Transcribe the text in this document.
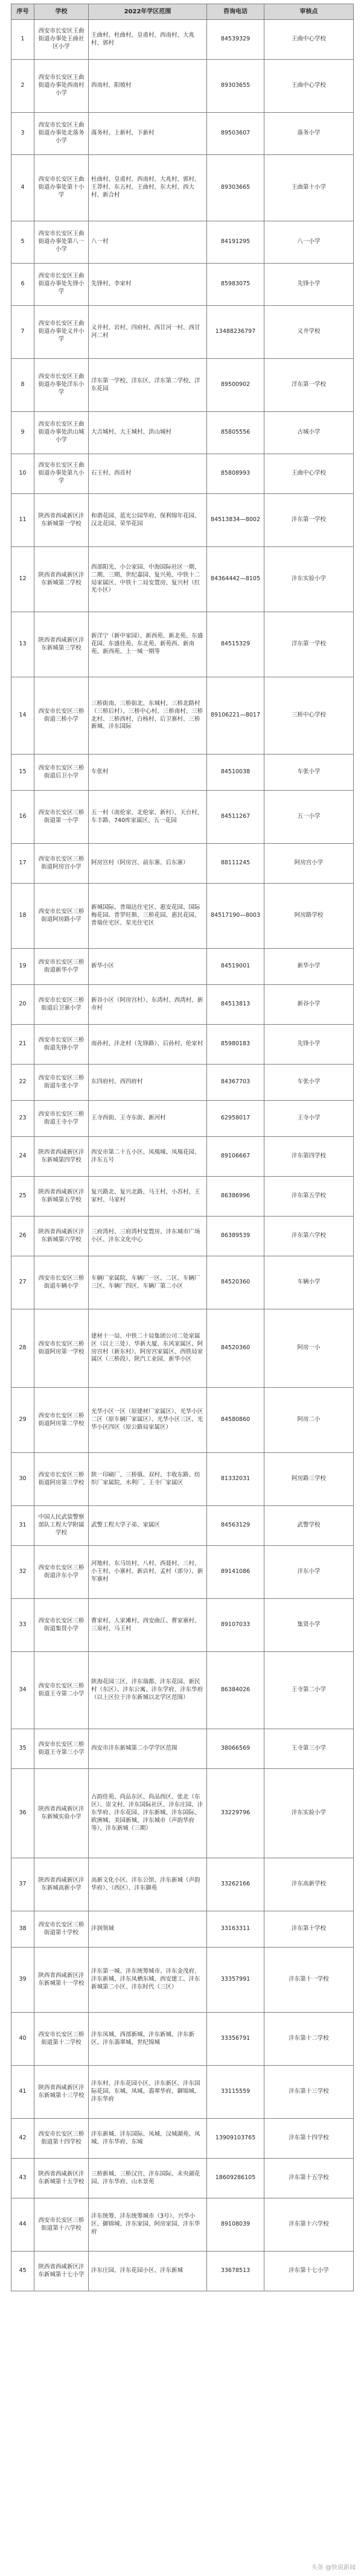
序号	学校	2022年学区范围	咨询电话	审核点
1	西安市长安区王曲街道办事处王曲社区小学	王曲村、杜曲村、皇甫村、西南村、大兆村、郭村	84539329	王曲中心学校
2	西安市长安区王曲街道办事处西南村小学	西南村、阳坡村	89303655	王曲中心学校
3	西安市长安区王曲街道办事处北落务小学	落务村、上新村、下新村	89503607	落务小学
4	西安市长安区王曲街道办事处第十小学	杜曲村、皇甫村、西南村、大兆村、郭村、王莽村、东五村、王曲村、东大村、西大村、新合村	89303665	王曲第十小学
5	西安市长安区王曲街道办事处第八一小学	八一村	84191295	八一小学
6	西安市长安区王曲街道办事处先锋小学	先锋村、李家村	85983075	先锋小学
7	西安市长安区王曲街道办事处义井小学	义井村、岩村、四府村、西甘河一村、西甘河二村	13488236797	义井学校
8	西安市长安区王曲街道办事处洋东小学	洋东第一学校、洋东区、洋东第二学校、洋东花园	89500902	洋东第一学校
9	西安市长安区王曲街道办事处洪山城小学	大吉城村、大王城村、洪山城村	85805556	古城小学
10	西安市长安区王曲街道办事处第九小学	石王村、西首村	85808993	王曲中心学校
11	陕西省西咸新区沣东新城第一学校	和谐花园、蓝光公园华府、保利锦年花园、汉北花园、荣华花园	84513834—8002	沣东第一学校
12	陕西省西咸新区沣东新城第二学校	西部阳光、小公家园、中海国际社区一期、二期、三期、世纪嘉园、复兴苑、中铁十二局家属区、中铁十二局安置房、复兴村（红光小区）	84364442—8105	沣东实验小学
13	陕西省西咸新区沣东新城第三学校	新洋宁（新中家园）、新西苑、新北苑、东盛花园、东盛佳苑、东北苑、新苑西、新南苑、新西苑、上一城一期等	84515329	洋东第一学校
14	西安市长安区三桥街道三桥小学	三桥街南、三桥街北、东城村、三桥北路村（三桥后村）、三桥中心村、三桥南村、三桥北村、三桥西村、白杨村、后卫寨村、三桥新城、沣东国际	89106221—8017	三桥中心学校
15	西安市长安区三桥街道后卫小学	车张村	84510038	车张小学
16	西安市长安区三桥街道第一小学	五一村（南伦家、北伦家、新村）、天台村、车丰路、740库家属区、五一花园	84511267	五一小学
17	西安市长安区三桥街道阿房宫小学	阿房宫村（阿房宫、前东寨、后东寨）	88111245	阿房宫小学
18	西安市长安区三桥街道阿房路小学	新城国际、普瑞达住宅区、惠安花园、国际梅花园、普罗旺斯、三桥花园、惠民花园、普瑞住宅区、星光住宅区	84517190—8003	阿房路学校
19	西安市长安区三桥街道新华小学	新华小区	84519001	新华小学
20	西安市长安区三桥街道后卫寨小学	新谷小区（阿房宫村）、东湾村、西湾村、新市村	84513813	新谷小学
21	西安市长安区三桥街道先锋小学	南孙村、沣北村（先锋路）、后孙村、伦家村	85980183	先锋小学
22	西安市长安区三桥街道车张小学	东四府村、西四府村	84367703	车张小学
23	西安市长安区三桥街道王寺小学	王寺西街、王寺东街、新河村	62958017	王寺小学
24	陕西省西咸新区沣东新城第四学校	西安市第二十五小区、凤凰城、凤凰花园、沣东五号	89106667	沣东第四学校
25	陕西省西咸新区沣东新城第五学校	复兴路北、复兴北路、马王村、小苏村、王家村、马家村	86386996	沣东第五学校
26	陕西省西咸新区沣东新城第六学校	三府湾村、三府湾村安置房、沣东城市广场小区、沣东文化中心	86389539	沣东第六学校
27	西安市长安区三桥街道车辆小学	车辆厂家属院、车辆厂一区、二区、车辆厂三区、车辆厂四区、车辆厂第二小区	84520360	车辆小学
28	西安市长安区三桥街道阿房第一学校	建材十一局、中铁二十局集团公司二处家属区（以上三处）、华新大厦、东风家属区、阿房宫村（新东村）、阿房宫家属区、西铁局家属区（三桥段）、陕汽工业园、新华小区	84520360	阿房一小
29	西安市长安区三桥街道阿房第二学校	光华小区一区（原建材厂家属区）、光华小区二区（原车辆厂家属区）、光华小区三区、光华小区四区（原公路局家属区）	84580860	阿房二小
30	西安市长安区三桥街道阿房第三学校	陕一印刷厂、三桥镇、双村、丰收东路、纺织厂家属院、水利厂、王寺厂家属区	81332031	阿房路三学校
31	中国人民武装警察部队工程大学附属学校	武警工程大学子弟、家属区	84563129	武警学校
32	西安市长安区三桥街道沣东小学	河地村、东马坊村、八村、西聂村、三村、小王村、小寨村、新店村、孟村（部分）、新军寨村	89141086	沣东小学
33	西安市长安区三桥街道集贤小学	曹家村、人家滩村、西安曲江、曹家寨村、三泉村、马王村	89107033	集贤小学
34	西安市长安区三桥街道王寺第二小学	陕海花园三区、沣东瑞都、沣东花园、新民村（东区）、沣东公寓、沣东学府、沣东华府（以上区位于沣东新城以北学区范围）	86384026	王寺第二小学
35	西安市长安区三桥街道王寺第三小学	西安市沣东新城第二小学学区范围	38066569	王寺第三小学
36	陕西省西咸新区沣东新城实验小学	古韵佳苑、尚品东区、尚品西区、张北（东区）、崇文村、沣东国际社区、沣东庄园、沣东华府、沣东花园、沣东新城、沣东国际、欧洲城、美园新城、沣东城市（声韵华府等）、沣东新城（三期）	33229796	沣东实验小学
37	陕西省西咸新区沣东新城高新小学	高新文化小区、沣东公馆、沣东新城（声韵华府）、（西区）、沣东御苑	33262166	沣东高新学校
38	西安市长安区三桥街道第十学校	沣润领域	33163311	沣东第十学校
39	陕西省西咸新区沣东新城第十一学校	沣东第一城、沣东统筹城市、沣东金茂府、沣东新城、沣东凤栖东城、西安建工、沣东新城第二小区、沣东时代（三区）	33357991	沣东第十一学校
40	西安市长安区三桥街道第十二学校	沣东凤城、西部新城、沣东新城、沣东新区、沣东翡翠城、世纪锦城	33356791	沣东第十二学校
41	陕西省西咸新区沣东新城第十三学校	沣东村、沣东花园小区、沣东新区、沣东国际花园、东城、凤城、翡翠华府、御锦城、沣东华府	33115559	沣东第十三学校
42	西安市长安区三桥街道第十四学校	沣东新城、沣东国际、凤城、汉城湖苑、凤城、沣东华府、东城	13909103765	沣东第十四学校
43	陕西省西咸新区沣东新城第十五学校	三桥新城、三桥汉宫、沣东国际、未央湖花园、沣东华府、山水景苑	18609286105	沣东第十五学校
44	西安市长安区三桥街道第十六学校	沣东统筹、沣东统筹城市（3号）、兴华小区、御锦城、沣东家园、阿房家园、沣东华府	89108039	沣东第十六学校
45	陕西省西咸新区沣东新城第十七小学	沣东庄园、沣东花园小区、沣东新城	33678513	沣东第十七小学
头条 @快说新闻
